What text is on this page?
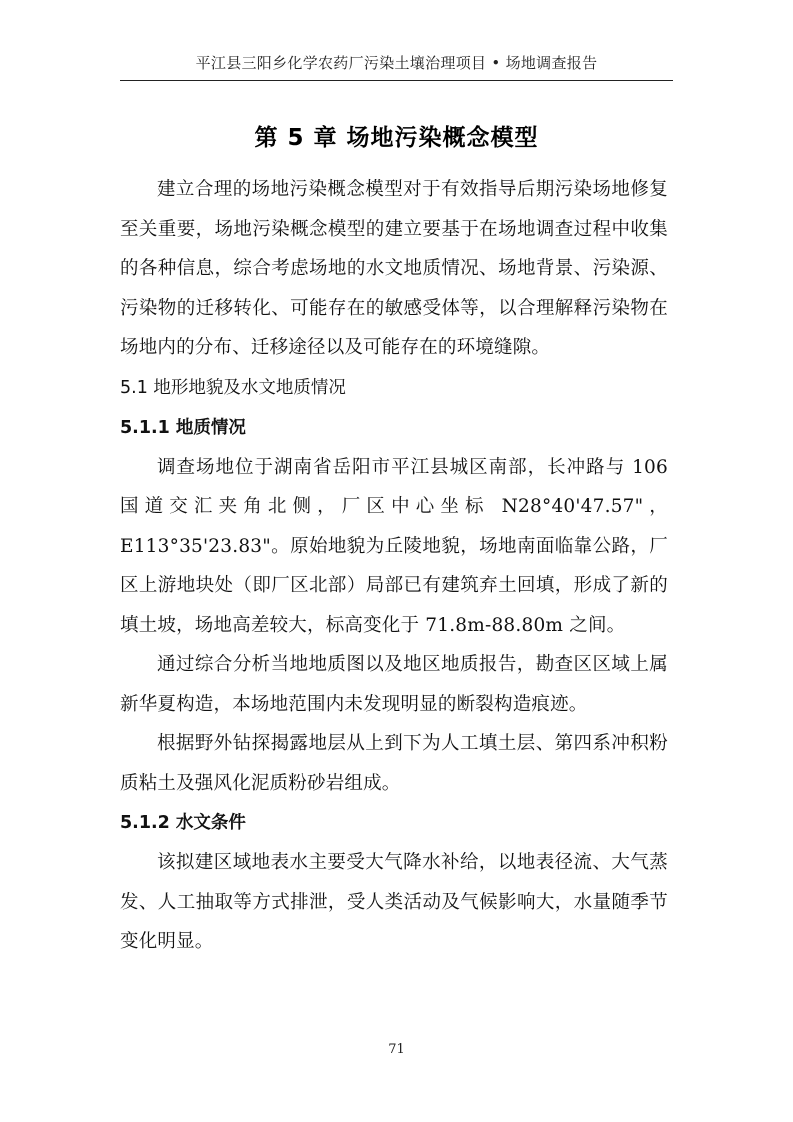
平江县三阳乡化学农药厂污染土壤治理项目 • 场地调查报告
第 5 章 场地污染概念模型

建立合理的场地污染概念模型对于有效指导后期污染场地修复至关重要，场地污染概念模型的建立要基于在场地调查过程中收集的各种信息，综合考虑场地的水文地质情况、场地背景、污染源、污染物的迁移转化、可能存在的敏感受体等，以合理解释污染物在场地内的分布、迁移途径以及可能存在的环境缝隙。

5.1 地形地貌及水文地质情况
5.1.1 地质情况

调查场地位于湖南省岳阳市平江县城区南部，长冲路与 106 国道交汇夹角北侧，厂区中心坐标 N28°40'47.57"，E113°35'23.83"。原始地貌为丘陵地貌，场地南面临靠公路，厂区上游地块处（即厂区北部）局部已有建筑弃土回填，形成了新的填土坡，场地高差较大，标高变化于 71.8m-88.80m 之间。

通过综合分析当地地质图以及地区地质报告，勘查区区域上属新华夏构造，本场地范围内未发现明显的断裂构造痕迹。

根据野外钻探揭露地层从上到下为人工填土层、第四系冲积粉质粘土及强风化泥质粉砂岩组成。

5.1.2 水文条件

该拟建区域地表水主要受大气降水补给，以地表径流、大气蒸发、人工抽取等方式排泄，受人类活动及气候影响大，水量随季节变化明显。

71
